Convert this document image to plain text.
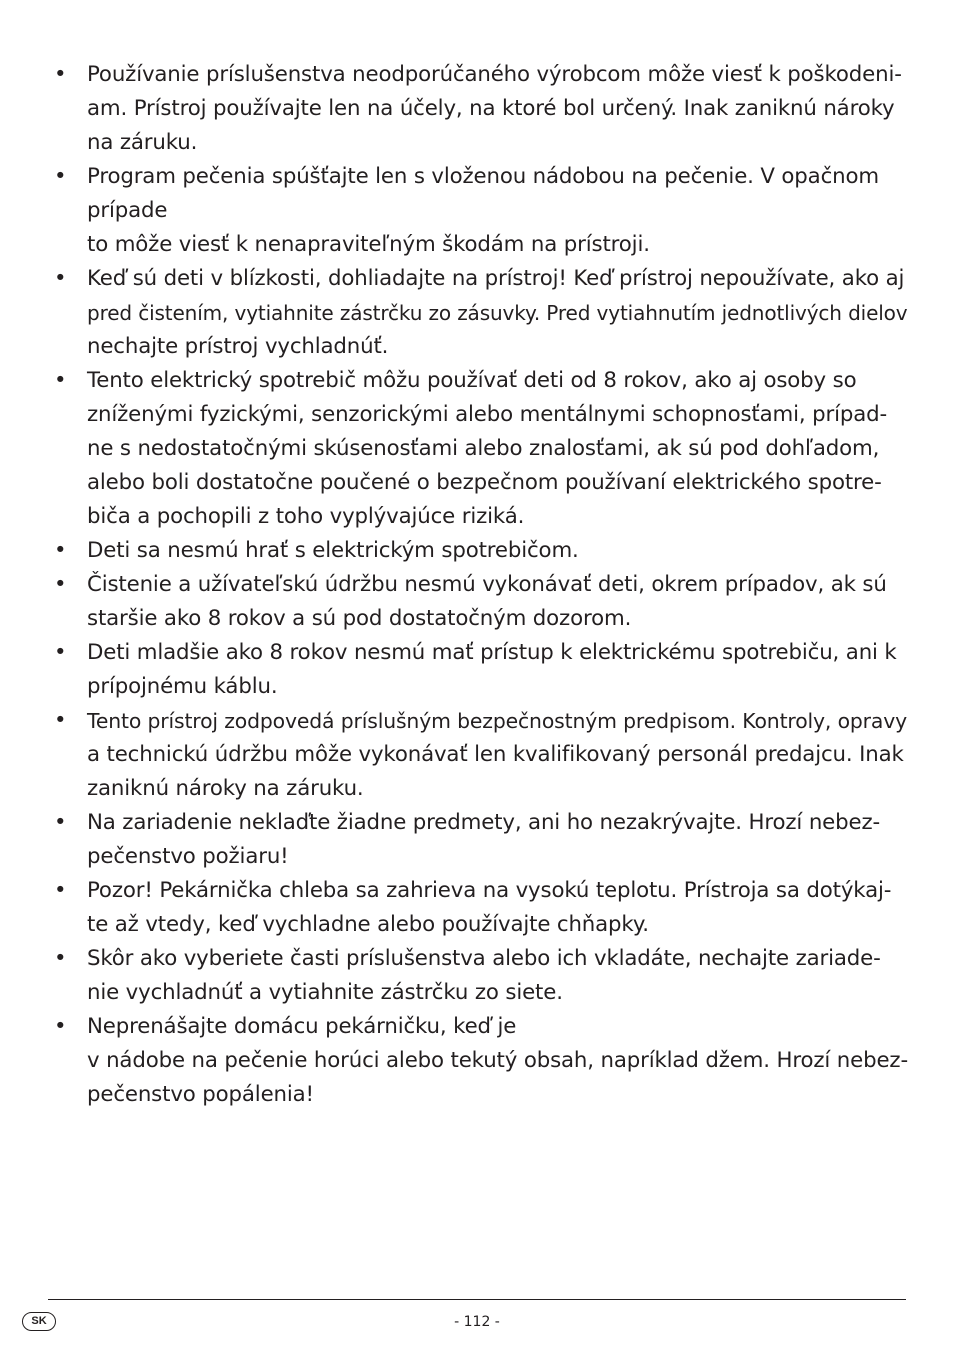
• Používanie príslušenstva neodporúčaného výrobcom môže viesť k poškodeni-
am. Prístroj používajte len na účely, na ktoré bol určený. Inak zaniknú nároky
na záruku.
• Program pečenia spúšťajte len s vloženou nádobou na pečenie. V opačnom
prípade
to môže viesť k nenapraviteľným škodám na prístroji.
• Keď sú deti v blízkosti, dohliadajte na prístroj! Keď prístroj nepoužívate, ako aj
pred čistením, vytiahnite zástrčku zo zásuvky. Pred vytiahnutím jednotlivých dielov
nechajte prístroj vychladnúť.
• Tento elektrický spotrebič môžu používať deti od 8 rokov, ako aj osoby so
zníženými fyzickými, senzorickými alebo mentálnymi schopnosťami, prípad-
ne s nedostatočnými skúsenosťami alebo znalosťami, ak sú pod dohľadom,
alebo boli dostatočne poučené o bezpečnom používaní elektrického spotre-
biča a pochopili z toho vyplývajúce riziká.
• Deti sa nesmú hrať s elektrickým spotrebičom.
• Čistenie a užívateľskú údržbu nesmú vykonávať deti, okrem prípadov, ak sú
staršie ako 8 rokov a sú pod dostatočným dozorom.
• Deti mladšie ako 8 rokov nesmú mať prístup k elektrickému spotrebiču, ani k
prípojnému káblu.
• Tento prístroj zodpovedá príslušným bezpečnostným predpisom. Kontroly, opravy
a technickú údržbu môže vykonávať len kvalifikovaný personál predajcu. Inak
zaniknú nároky na záruku.
• Na zariadenie neklaďte žiadne predmety, ani ho nezakrývajte. Hrozí nebez-
pečenstvo požiaru!
• Pozor! Pekárnička chleba sa zahrieva na vysokú teplotu. Prístroja sa dotýkaj-
te až vtedy, keď vychladne alebo používajte chňapky.
• Skôr ako vyberiete časti príslušenstva alebo ich vkladáte, nechajte zariade-
nie vychladnúť a vytiahnite zástrčku zo siete.
• Neprenášajte domácu pekárničku, keď je
v nádobe na pečenie horúci alebo tekutý obsah, napríklad džem. Hrozí nebez-
pečenstvo popálenia!
SK	- 112 -
